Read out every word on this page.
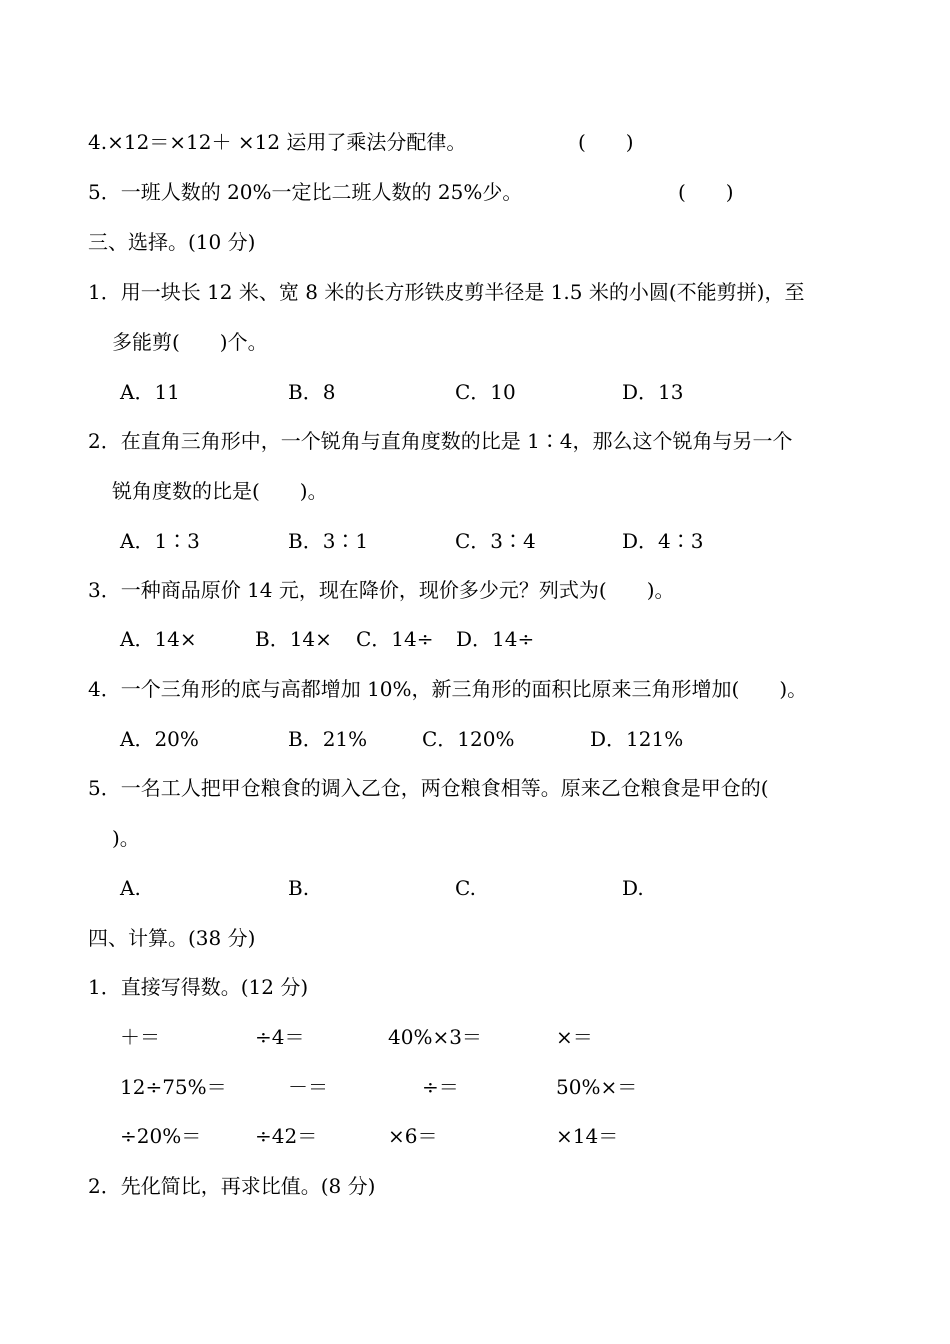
4.×12＝×12＋ ×12 运用了乘法分配律。	(　　)
5．一班人数的 20%一定比二班人数的 25%少。	(　　)
三、选择。(10 分)
1．用一块长 12 米、宽 8 米的长方形铁皮剪半径是 1.5 米的小圆(不能剪拼)，至
多能剪(　　)个。
A．11	B．8	C．10	D．13
2．在直角三角形中，一个锐角与直角度数的比是 1∶4，那么这个锐角与另一个
锐角度数的比是(　　)。
A．1∶3	B．3∶1	C．3∶4	D．4∶3
3．一种商品原价 14 元，现在降价，现价多少元？列式为(　　)。
A．14×	B．14× C．14÷ D．14÷
4．一个三角形的底与高都增加 10%，新三角形的面积比原来三角形增加(　　)。
A．20%	B．21%	C．120%	D．121%
5．一名工人把甲仓粮食的调入乙仓，两仓粮食相等。原来乙仓粮食是甲仓的(
)。
A.	B.	C.	D.
四、计算。(38 分)
1．直接写得数。(12 分)
＋＝	÷4＝	40%×3＝	×＝
12÷75%＝	－＝	÷＝	50%×＝
÷20%＝	÷42＝	×6＝	×14＝
2．先化简比，再求比值。(8 分)
